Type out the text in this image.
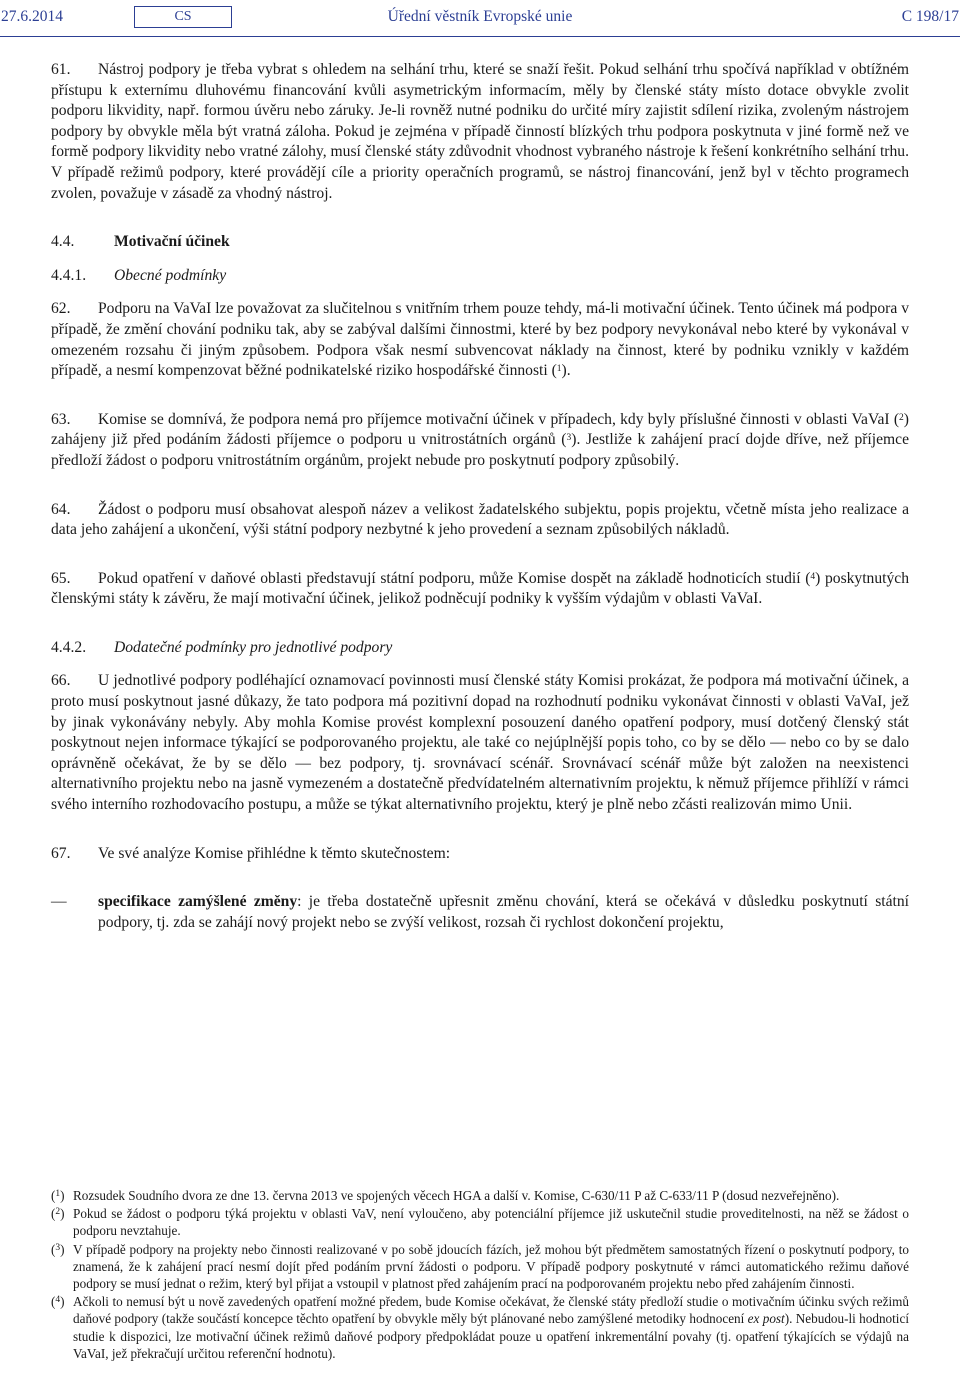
27.6.2014	CS	Úřední věstník Evropské unie	C 198/17

61. Nástroj podpory je třeba vybrat s ohledem na selhání trhu, které se snaží řešit. Pokud selhání trhu spočívá například v obtížném přístupu k externímu dluhovému financování kvůli asymetrickým informacím, měly by členské státy místo dotace obvykle zvolit podporu likvidity, např. formou úvěru nebo záruky. Je-li rovněž nutné podniku do určité míry zajistit sdílení rizika, zvoleným nástrojem podpory by obvykle měla být vratná záloha. Pokud je zejména v případě činností blízkých trhu podpora poskytnuta v jiné formě než ve formě podpory likvidity nebo vratné zálohy, musí členské státy zdůvodnit vhodnost vybraného nástroje k řešení konkrétního selhání trhu. V případě režimů podpory, které provádějí cíle a priority operačních programů, se nástroj financování, jenž byl v těchto programech zvolen, považuje v zásadě za vhodný nástroj.

4.4.	Motivační účinek

4.4.1. Obecné podmínky

62. Podporu na VaVaI lze považovat za slučitelnou s vnitřním trhem pouze tehdy, má-li motivační účinek. Tento účinek má podpora v případě, že změní chování podniku tak, aby se zabýval dalšími činnostmi, které by bez podpory nevykonával nebo které by vykonával v omezeném rozsahu či jiným způsobem. Podpora však nesmí subvencovat náklady na činnost, které by podniku vznikly v každém případě, a nesmí kompenzovat běžné podnikatelské riziko hospodářské činnosti ($^1$).

63. Komise se domnívá, že podpora nemá pro příjemce motivační účinek v případech, kdy byly příslušné činnosti v oblasti VaVaI ($^2$) zahájeny již před podáním žádosti příjemce o podporu u vnitrostátních orgánů ($^3$). Jestliže k zahájení prací dojde dříve, než příjemce předloží žádost o podporu vnitrostátním orgánům, projekt nebude pro poskytnutí podpory způsobilý.

64. Žádost o podporu musí obsahovat alespoň název a velikost žadatelského subjektu, popis projektu, včetně místa jeho realizace a data jeho zahájení a ukončení, výši státní podpory nezbytné k jeho provedení a seznam způsobilých nákladů.

65. Pokud opatření v daňové oblasti představují státní podporu, může Komise dospět na základě hodnoticích studií ($^4$) poskytnutých členskými státy k závěru, že mají motivační účinek, jelikož podněcují podniky k vyšším výdajům v oblasti VaVaI.

4.4.2. Dodatečné podmínky pro jednotlivé podpory

66. U jednotlivé podpory podléhající oznamovací povinnosti musí členské státy Komisi prokázat, že podpora má motivační účinek, a proto musí poskytnout jasné důkazy, že tato podpora má pozitivní dopad na rozhodnutí podniku vykonávat činnosti v oblasti VaVaI, jež by jinak vykonávány nebyly. Aby mohla Komise provést komplexní posouzení daného opatření podpory, musí dotčený členský stát poskytnout nejen informace týkající se podporovaného projektu, ale také co nejúplnější popis toho, co by se dělo — nebo co by se dalo oprávněně očekávat, že by se dělo — bez podpory, tj. srovnávací scénář. Srovnávací scénář může být založen na neexistenci alternativního projektu nebo na jasně vymezeném a dostatečně předvídatelném alternativním projektu, k němuž příjemce přihlíží v rámci svého interního rozhodovacího postupu, a může se týkat alternativního projektu, který je plně nebo zčásti realizován mimo Unii.

67. Ve své analýze Komise přihlédne k těmto skutečnostem:

— specifikace zamýšlené změny: je třeba dostatečně upřesnit změnu chování, která se očekává v důsledku poskytnutí státní podpory, tj. zda se zahájí nový projekt nebo se zvýší velikost, rozsah či rychlost dokončení projektu,

($^1$) Rozsudek Soudního dvora ze dne 13. června 2013 ve spojených věcech HGA a další v. Komise, C-630/11 P až C-633/11 P (dosud nezveřejněno).

($^2$) Pokud se žádost o podporu týká projektu v oblasti VaV, není vyloučeno, aby potenciální příjemce již uskutečnil studie proveditelnosti, na něž se žádost o podporu nevztahuje.

($^3$) V případě podpory na projekty nebo činnosti realizované v po sobě jdoucích fázích, jež mohou být předmětem samostatných řízení o poskytnutí podpory, to znamená, že k zahájení prací nesmí dojít před podáním první žádosti o podporu. V případě podpory poskytnuté v rámci automatického režimu daňové podpory se musí jednat o režim, který byl přijat a vstoupil v platnost před zahájením prací na podporovaném projektu nebo před zahájením činnosti.

($^4$) Ačkoli to nemusí být u nově zavedených opatření možné předem, bude Komise očekávat, že členské státy předloží studie o motivačním účinku svých režimů daňové podpory (takže součástí koncepce těchto opatření by obvykle měly být plánované nebo zamýšlené metodiky hodnocení ex post). Nebudou-li hodnoticí studie k dispozici, lze motivační účinek režimů daňové podpory předpokládat pouze u opatření inkrementální povahy (tj. opatření týkajících se výdajů na VaVaI, jež překračují určitou referenční hodnotu).
